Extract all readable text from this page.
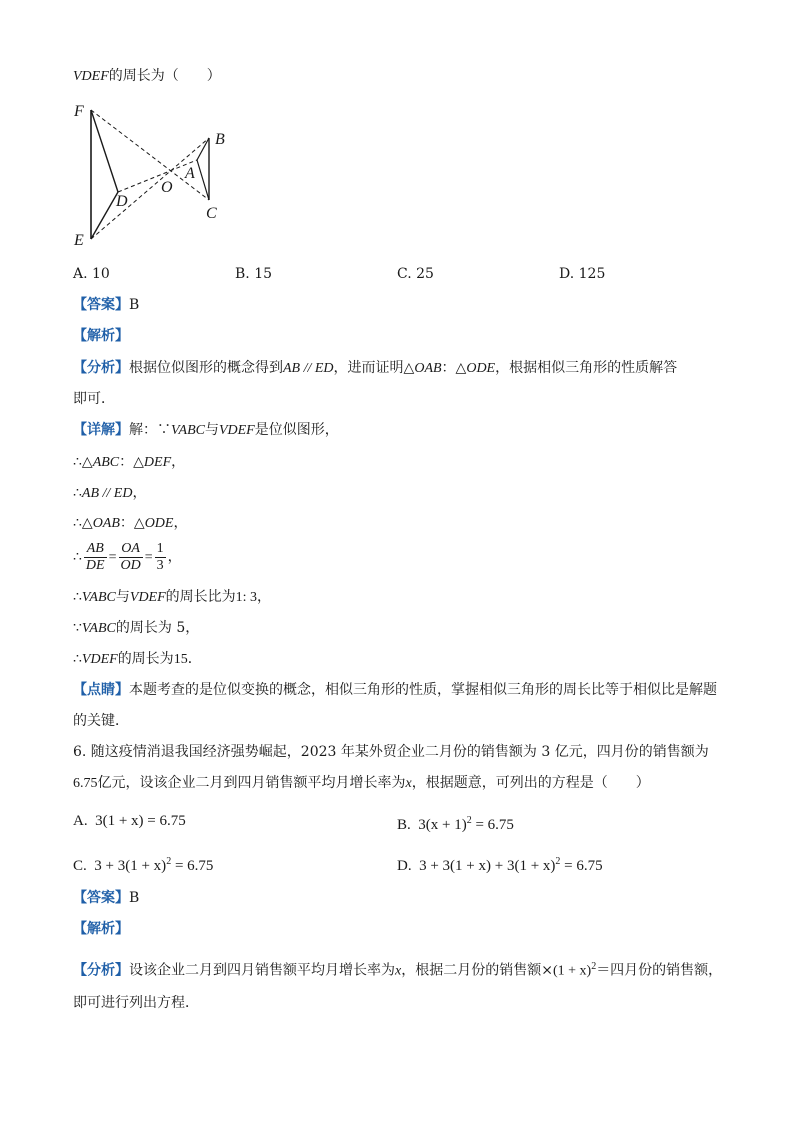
VDEF的周长为（　　）
F
E
D
O
A
B
C
A. 10	B. 15	C. 25	D. 125
【答案】B
【解析】
【分析】根据位似图形的概念得到AB // ED，进而证明△OAB：△ODE，根据相似三角形的性质解答
即可．
【详解】解：∵VABC与VDEF是位似图形，
∴△ABC：△DEF，
∴AB // ED，
∴△OAB：△ODE，
∴ $\frac{AB}{DE} = \frac{OA}{OD} = \frac{1}{3}$ ，
∴VABC与VDEF的周长比为1: 3，
∵VABC的周长为 5，
∴VDEF的周长为15．
【点睛】本题考查的是位似变换的概念，相似三角形的性质，掌握相似三角形的周长比等于相似比是解题
的关键．
6. 随这疫情消退我国经济强势崛起，2023 年某外贸企业二月份的销售额为 3 亿元，四月份的销售额为
6.75亿元，设该企业二月到四月销售额平均月增长率为x，根据题意，可列出的方程是（　　）
A. 3(1 + x) = 6.75	B. $3(x + 1)^2 = 6.75$
C. $3 + 3(1 + x)^2 = 6.75$	D. $3 + 3(1 + x) + 3(1 + x)^2 = 6.75$
【答案】B
【解析】
【分析】设该企业二月到四月销售额平均月增长率为x，根据二月份的销售额$\times(1 + x)^2=$四月份的销售额，
即可进行列出方程．
